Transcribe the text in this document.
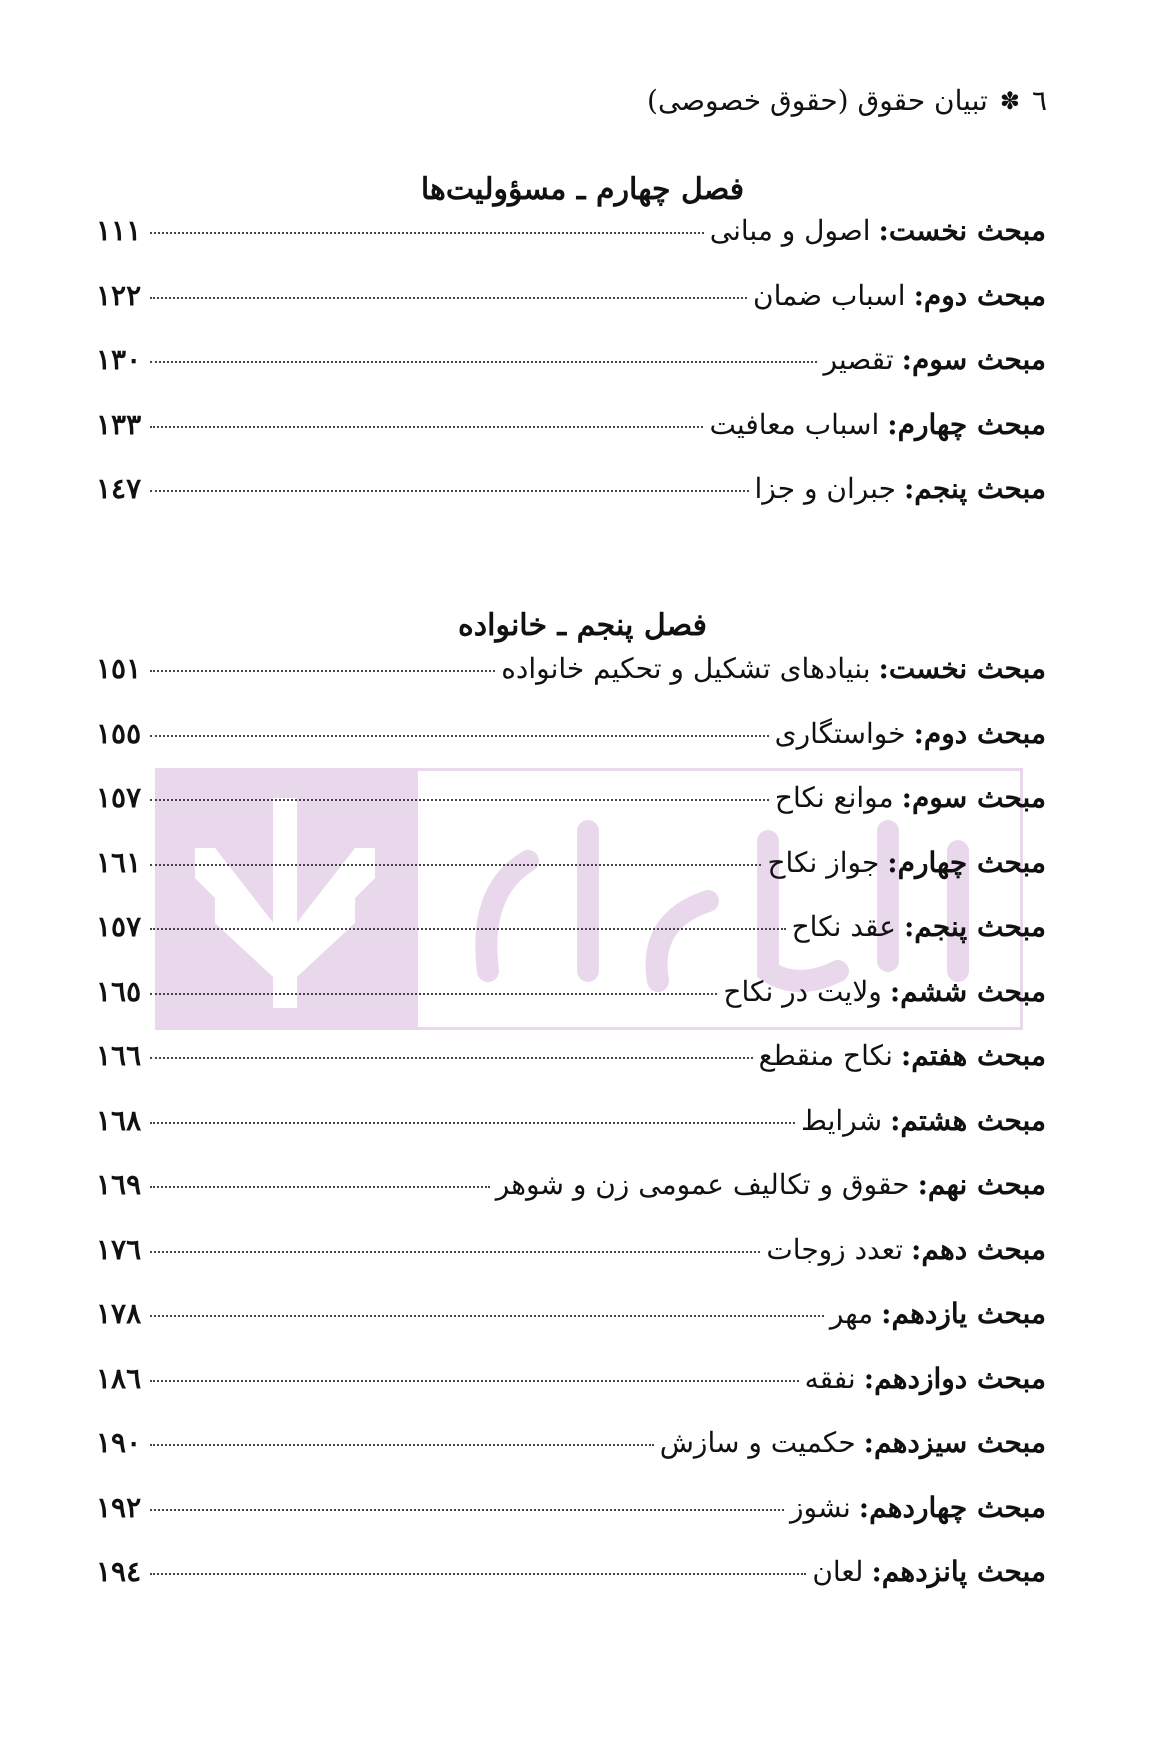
٦
✽
تبیان حقوق (حقوق خصوصی)
فصل چهارم ـ مسؤولیت‌ها
مبحث نخست:
اصول و مبانی
۱۱۱
مبحث دوم:
اسباب ضمان
۱۲۲
مبحث سوم:
تقصیر
۱۳۰
مبحث چهارم:
اسباب معافیت
۱۳۳
مبحث پنجم:
جبران و جزا
۱٤٧
فصل پنجم ـ خانواده
مبحث نخست:
بنیادهای تشکیل و تحکیم خانواده
۱٥۱
مبحث دوم:
خواستگاری
۱٥٥
مبحث سوم:
موانع نکاح
۱٥٧
مبحث چهارم:
جواز نکاح
۱٦۱
مبحث پنجم:
عقد نکاح
۱٥٧
مبحث ششم:
ولایت در نکاح
۱٦٥
مبحث هفتم:
نکاح منقطع
۱٦٦
مبحث هشتم:
شرایط
۱٦٨
مبحث نهم:
حقوق و تکالیف عمومی زن و شوهر
۱٦٩
مبحث دهم:
تعدد زوجات
۱٧٦
مبحث یازدهم:
مهر
۱٧٨
مبحث دوازدهم:
نفقه
۱٨٦
مبحث سیزدهم:
حکمیت و سازش
۱۹۰
مبحث چهاردهم:
نشوز
۱۹۲
مبحث پانزدهم:
لعان
۱۹٤
